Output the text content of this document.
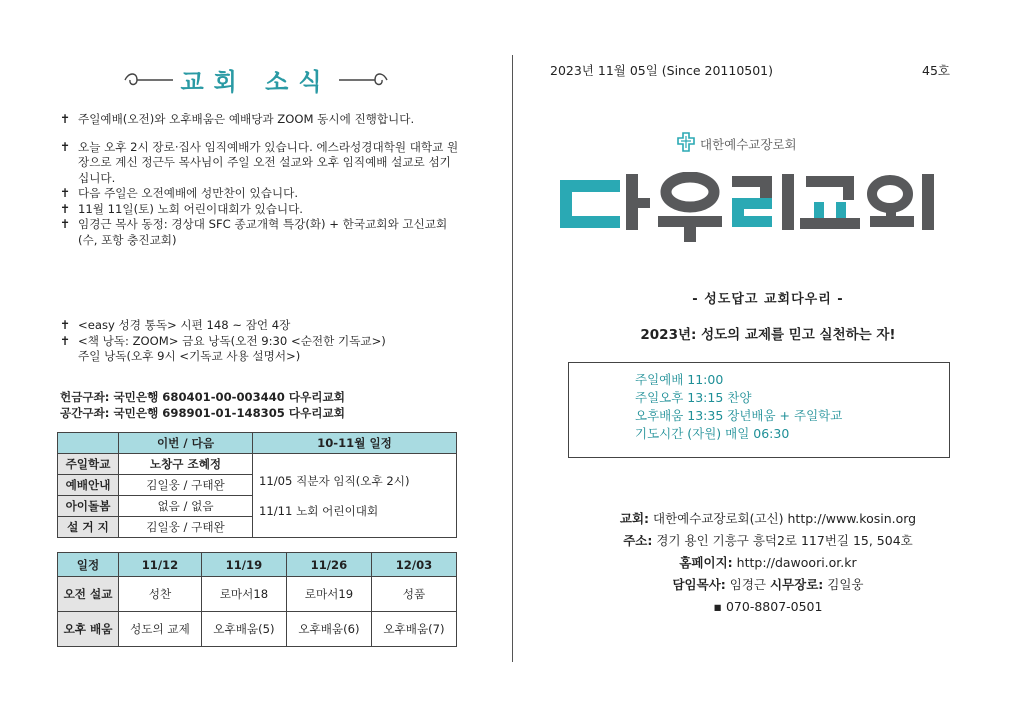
교회 소식
✝ 주일예배(오전)와 오후배움은 예배당과 ZOOM 동시에 진행합니다.
✝ 오늘 오후 2시 장로·집사 임직예배가 있습니다. 에스라성경대학원 대학교 원장으로 계신 정근두 목사님이 주일 오전 설교와 오후 임직예배 설교로 섬기십니다.
✝ 다음 주일은 오전예배에 성만찬이 있습니다.
✝ 11월 11일(토) 노회 어린이대회가 있습니다.
✝ 임경근 목사 동정: 경상대 SFC 종교개혁 특강(화) + 한국교회와 고신교회(수, 포항 충진교회)
✝ <easy 성경 통독> 시편 148 ~ 잠언 4장
✝ <책 낭독: ZOOM> 금요 낭독(오전 9:30 <순전한 기독교>)
주일 낭독(오후 9시 <기독교 사용 설명서>)
헌금구좌: 국민은행 680401-00-003440 다우리교회
공간구좌: 국민은행 698901-01-148305 다우리교회
	이번 / 다음	10-11월 일정
주일학교	노창구 조혜정	11/05 직분자 임직(오후 2시)
11/11 노회 어린이대회

예배안내	김일웅 / 구태완	
아이돌봄	없음 / 없음	
설 거 지	김일웅 / 구태완	
일정	11/12	11/19	11/26	12/03
오전 설교	성찬	로마서18	로마서19	성품
오후 배움	성도의 교제	오후배움(5)	오후배움(6)	오후배움(7)
2023년 11월 05일 (Since 20110501)	45호
대한예수교장로회
- 성도답고 교회다우리 -
2023년: 성도의 교제를 믿고 실천하는 자!
주일예배 11:00
주일오후 13:15 찬양
오후배움 13:35 장년배움 + 주일학교
기도시간 (자원) 매일 06:30
교회: 대한예수교장로회(고신) http://www.kosin.org
주소: 경기 용인 기흥구 흥덕2로 117번길 15, 504호
홈페이지: http://dawoori.or.kr
담임목사: 임경근 시무장로: 김일웅
▪ 070-8807-0501
